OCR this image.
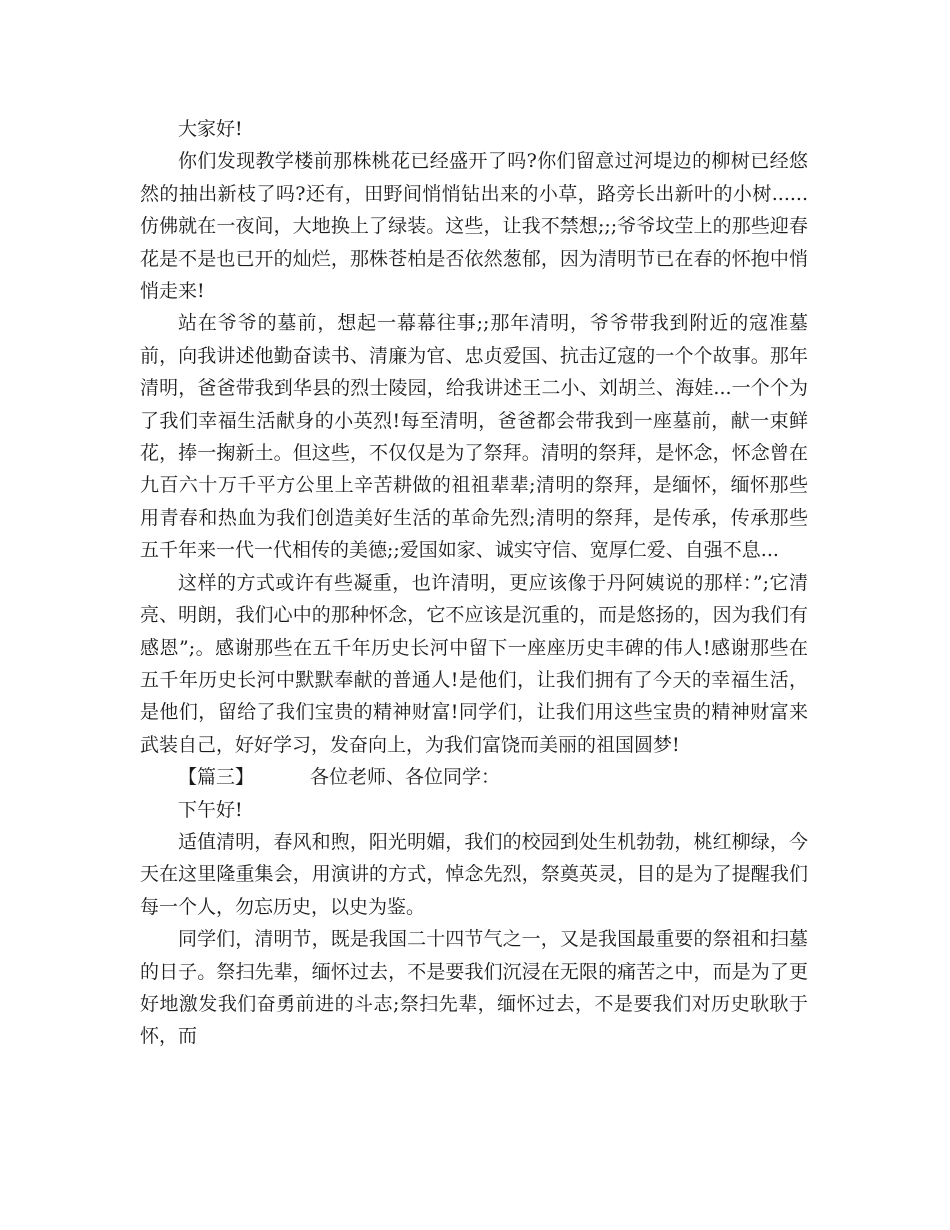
大家好!

你们发现教学楼前那株桃花已经盛开了吗?你们留意过河堤边的柳树已经悠然的抽出新枝了吗?还有，田野间悄悄钻出来的小草，路旁长出新叶的小树......仿佛就在一夜间，大地换上了绿装。这些，让我不禁想;;;爷爷坟茔上的那些迎春花是不是也已开的灿烂，那株苍柏是否依然葱郁，因为清明节已在春的怀抱中悄悄走来!

站在爷爷的墓前，想起一幕幕往事;;那年清明，爷爷带我到附近的寇准墓前，向我讲述他勤奋读书、清廉为官、忠贞爱国、抗击辽寇的一个个故事。那年清明，爸爸带我到华县的烈士陵园，给我讲述王二小、刘胡兰、海娃...一个个为了我们幸福生活献身的小英烈!每至清明，爸爸都会带我到一座墓前，献一束鲜花，捧一掬新土。但这些，不仅仅是为了祭拜。清明的祭拜，是怀念，怀念曾在九百六十万千平方公里上辛苦耕做的祖祖辈辈;清明的祭拜，是缅怀，缅怀那些用青春和热血为我们创造美好生活的革命先烈;清明的祭拜，是传承，传承那些五千年来一代一代相传的美德;;爱国如家、诚实守信、宽厚仁爱、自强不息...

这样的方式或许有些凝重，也许清明，更应该像于丹阿姨说的那样：”;它清亮、明朗，我们心中的那种怀念，它不应该是沉重的，而是悠扬的，因为我们有感恩”;。感谢那些在五千年历史长河中留下一座座历史丰碑的伟人!感谢那些在五千年历史长河中默默奉献的普通人!是他们，让我们拥有了今天的幸福生活，是他们，留给了我们宝贵的精神财富!同学们，让我们用这些宝贵的精神财富来武装自己，好好学习，发奋向上，为我们富饶而美丽的祖国圆梦!

【篇三】	各位老师、各位同学：

下午好!

适值清明，春风和煦，阳光明媚，我们的校园到处生机勃勃，桃红柳绿，今天在这里隆重集会，用演讲的方式，悼念先烈，祭奠英灵，目的是为了提醒我们每一个人，勿忘历史，以史为鉴。

同学们，清明节，既是我国二十四节气之一，又是我国最重要的祭祖和扫墓的日子。祭扫先辈，缅怀过去，不是要我们沉浸在无限的痛苦之中，而是为了更好地激发我们奋勇前进的斗志;祭扫先辈，缅怀过去，不是要我们对历史耿耿于怀，而
